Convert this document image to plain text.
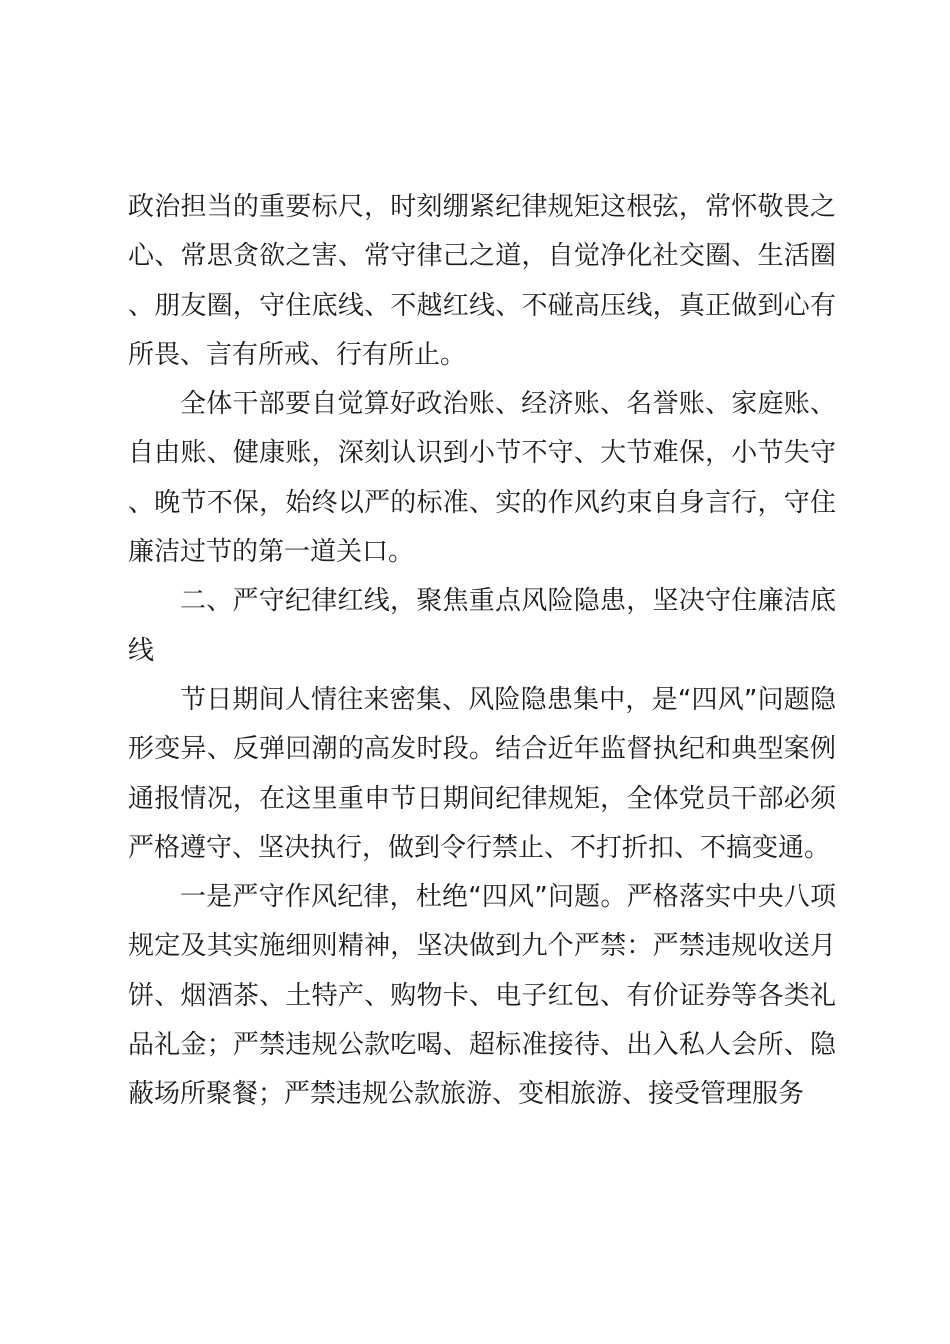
政治担当的重要标尺，时刻绷紧纪律规矩这根弦，常怀敬畏之心、常思贪欲之害、常守律己之道，自觉净化社交圈、生活圈、朋友圈，守住底线、不越红线、不碰高压线，真正做到心有所畏、言有所戒、行有所止。

全体干部要自觉算好政治账、经济账、名誉账、家庭账、自由账、健康账，深刻认识到小节不守、大节难保，小节失守、晚节不保，始终以严的标准、实的作风约束自身言行，守住廉洁过节的第一道关口。

二、严守纪律红线，聚焦重点风险隐患，坚决守住廉洁底线

节日期间人情往来密集、风险隐患集中，是“四风”问题隐形变异、反弹回潮的高发时段。结合近年监督执纪和典型案例通报情况，在这里重申节日期间纪律规矩，全体党员干部必须严格遵守、坚决执行，做到令行禁止、不打折扣、不搞变通。

一是严守作风纪律，杜绝“四风”问题。严格落实中央八项规定及其实施细则精神，坚决做到九个严禁：严禁违规收送月饼、烟酒茶、土特产、购物卡、电子红包、有价证券等各类礼品礼金；严禁违规公款吃喝、超标准接待、出入私人会所、隐蔽场所聚餐；严禁违规公款旅游、变相旅游、接受管理服务
